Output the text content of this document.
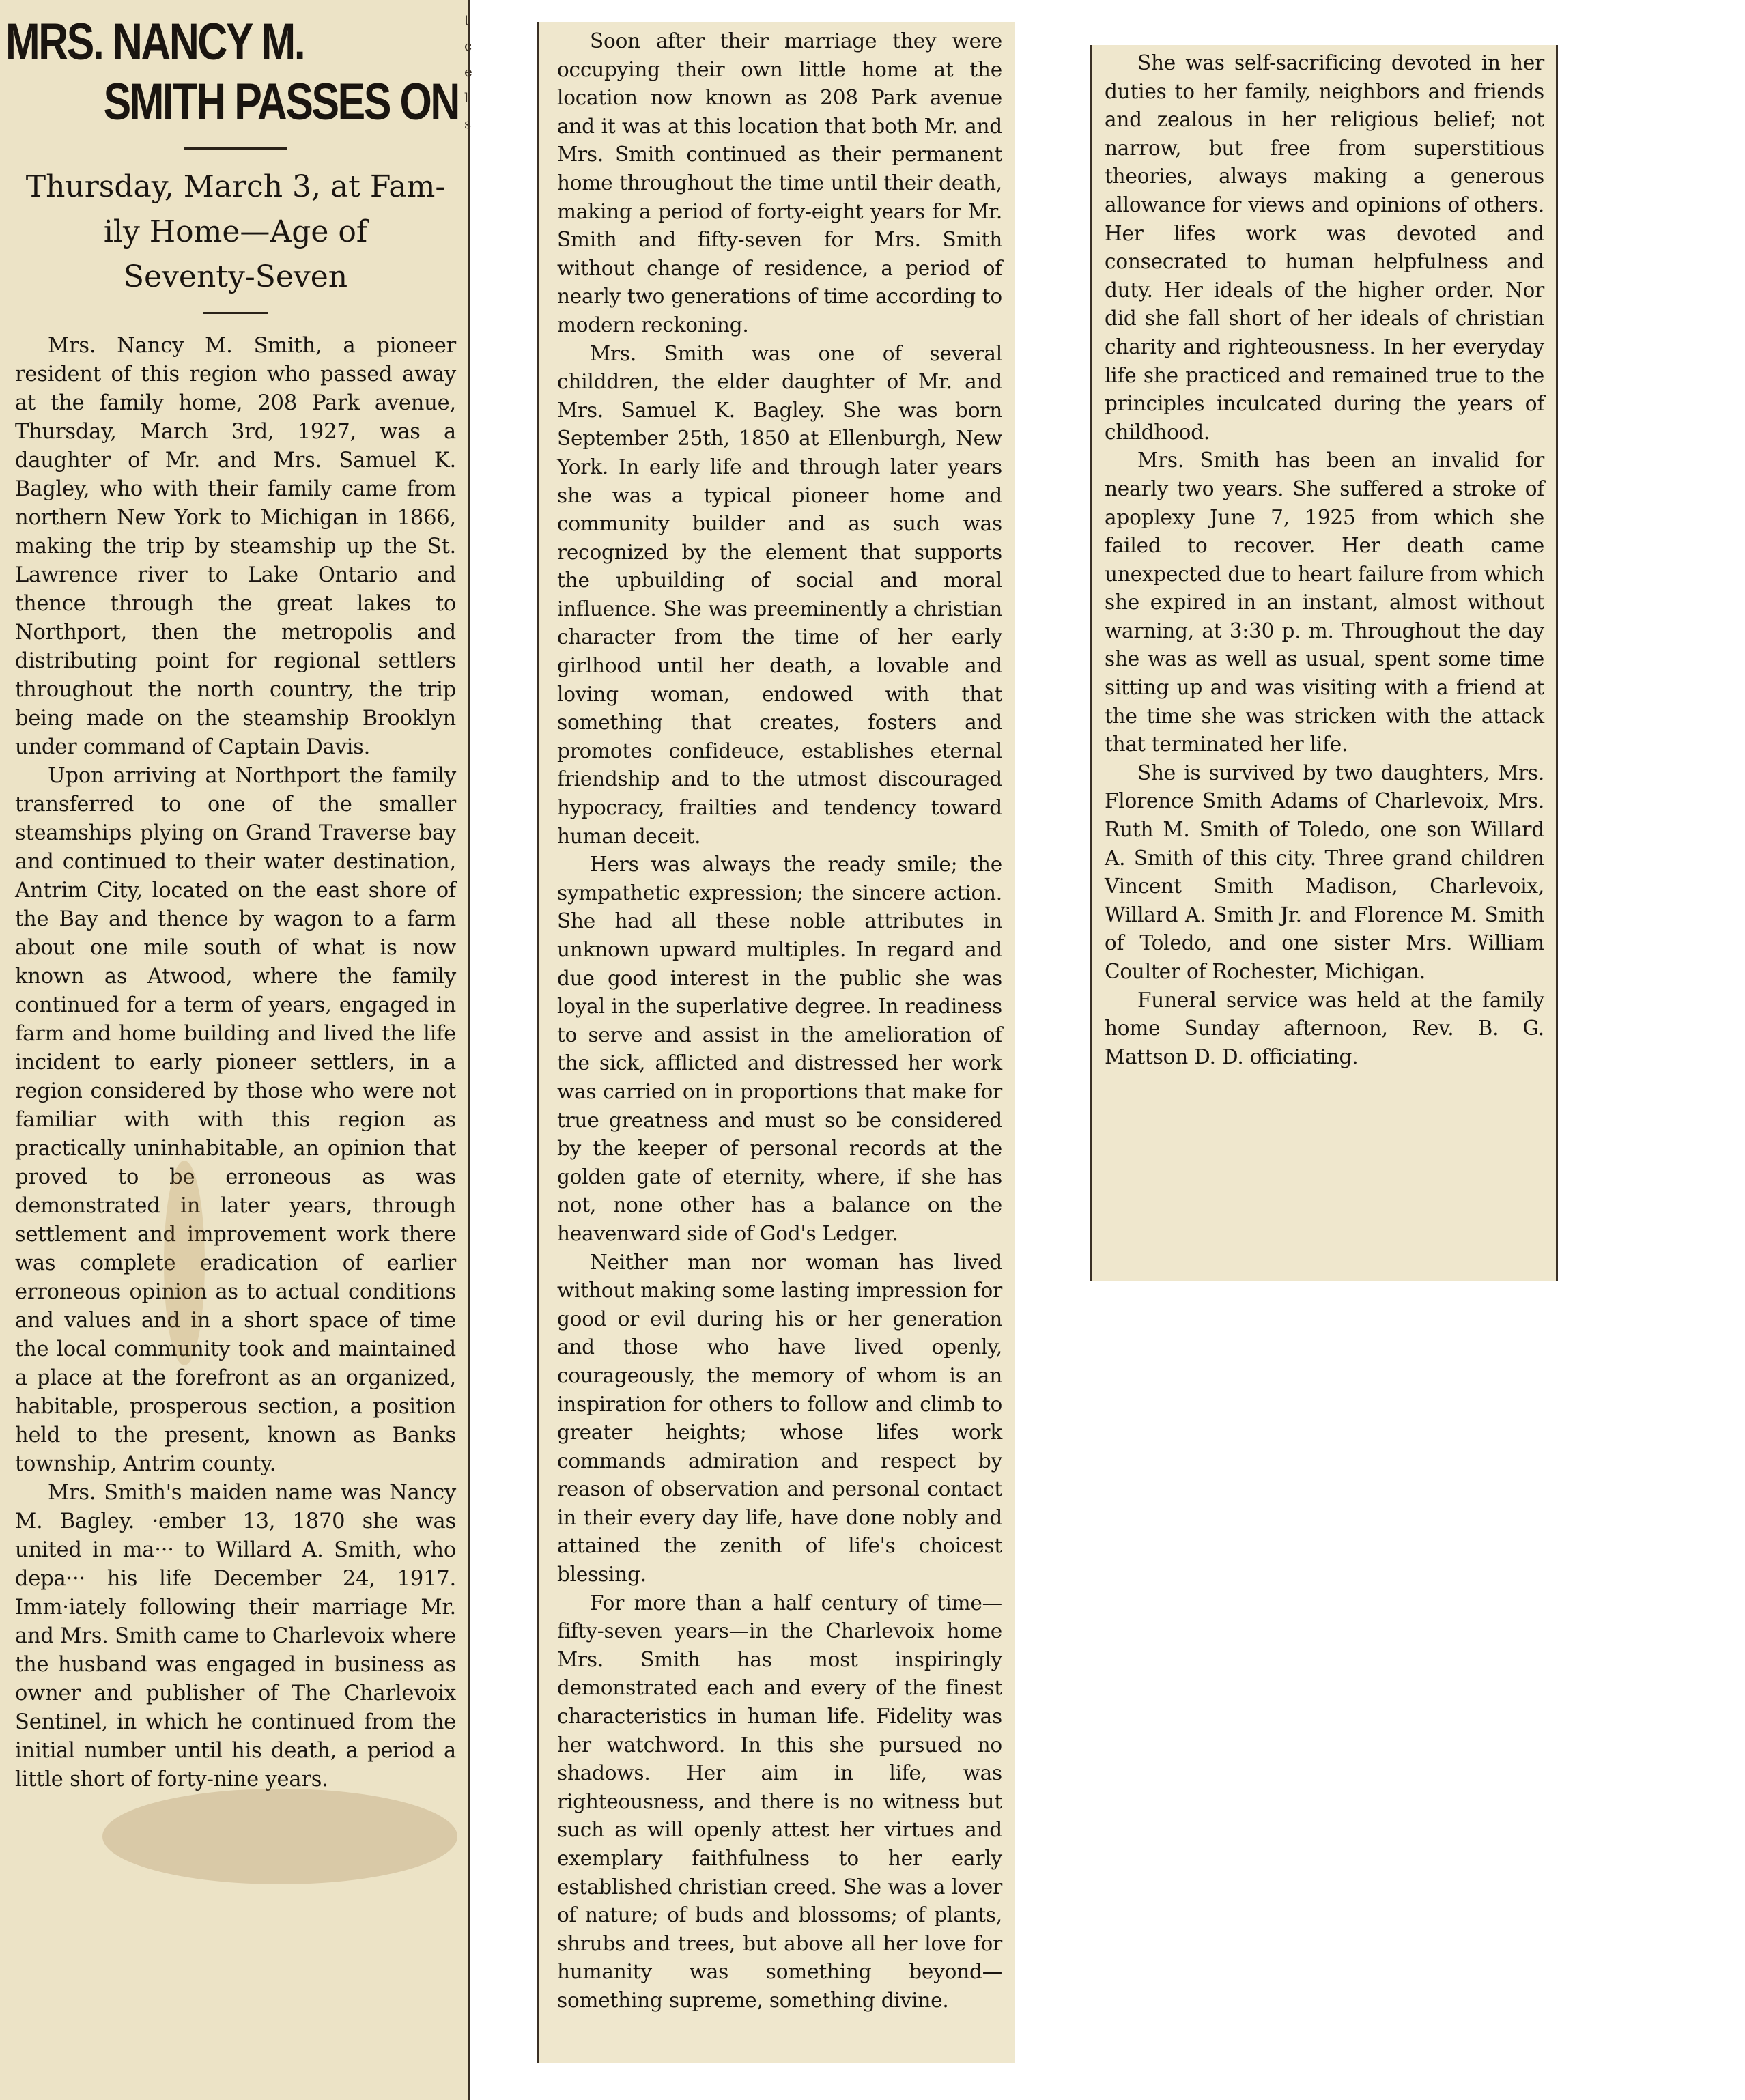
MRS. NANCY M.
SMITH PASSES ON
Thursday, March 3, at Fam-
ily Home—Age of
Seventy-Seven

Mrs. Nancy M. Smith, a pioneer resident of this region who passed away at the family home, 208 Park avenue, Thursday, March 3rd, 1927, was a daughter of Mr. and Mrs. Samuel K. Bagley, who with their family came from northern New York to Michigan in 1866, making the trip by steamship up the St. Lawrence river to Lake Ontario and thence through the great lakes to Northport, then the metropolis and distributing point for regional settlers throughout the north country, the trip being made on the steamship Brooklyn under command of Captain Davis.

Upon arriving at Northport the family transferred to one of the smaller steamships plying on Grand Traverse bay and continued to their water destination, Antrim City, located on the east shore of the Bay and thence by wagon to a farm about one mile south of what is now known as Atwood, where the family continued for a term of years, engaged in farm and home building and lived the life incident to early pioneer settlers, in a region considered by those who were not familiar with with this region as practically uninhabitable, an opinion that proved to be erroneous as was demonstrated in later years, through settlement and improvement work there was complete eradication of earlier erroneous opinion as to actual conditions and values and in a short space of time the local community took and maintained a place at the forefront as an organized, habitable, prosperous section, a position held to the present, known as Banks township, Antrim county.

Mrs. Smith's maiden name was Nancy M. Bagley. ·ember 13, 1870 she was united in ma··· to Willard A. Smith, who depa··· his life December 24, 1917. Imm·iately following their marriage Mr. and Mrs. Smith came to Charlevoix where the husband was engaged in business as owner and publisher of The Charlevoix Sentinel, in which he continued from the initial number until his death, a period a little short of forty-nine years.

t c e l s

Soon after their marriage they were occupying their own little home at the location now known as 208 Park avenue and it was at this location that both Mr. and Mrs. Smith continued as their permanent home throughout the time until their death, making a period of forty-eight years for Mr. Smith and fifty-seven for Mrs. Smith without change of residence, a period of nearly two generations of time according to modern reckoning.

Mrs. Smith was one of several childdren, the elder daughter of Mr. and Mrs. Samuel K. Bagley. She was born September 25th, 1850 at Ellenburgh, New York. In early life and through later years she was a typical pioneer home and community builder and as such was recognized by the element that supports the upbuilding of social and moral influence. She was preeminently a christian character from the time of her early girlhood until her death, a lovable and loving woman, endowed with that something that creates, fosters and promotes confideuce, establishes eternal friendship and to the utmost discouraged hypocracy, frailties and tendency toward human deceit.

Hers was always the ready smile; the sympathetic expression; the sincere action. She had all these noble attributes in unknown upward multiples. In regard and due good interest in the public she was loyal in the superlative degree. In readiness to serve and assist in the amelioration of the sick, afflicted and distressed her work was carried on in proportions that make for true greatness and must so be considered by the keeper of personal records at the golden gate of eternity, where, if she has not, none other has a balance on the heavenward side of God's Ledger.

Neither man nor woman has lived without making some lasting impression for good or evil during his or her generation and those who have lived openly, courageously, the memory of whom is an inspiration for others to follow and climb to greater heights; whose lifes work commands admiration and respect by reason of observation and personal contact in their every day life, have done nobly and attained the zenith of life's choicest blessing.

For more than a half century of time—fifty-seven years—in the Charlevoix home Mrs. Smith has most inspiringly demonstrated each and every of the finest characteristics in human life. Fidelity was her watchword. In this she pursued no shadows. Her aim in life, was righteousness, and there is no witness but such as will openly attest her virtues and exemplary faithfulness to her early established christian creed. She was a lover of nature; of buds and blossoms; of plants, shrubs and trees, but above all her love for humanity was something beyond—something supreme, something divine.

She was self-sacrificing devoted in her duties to her family, neighbors and friends and zealous in her religious belief; not narrow, but free from superstitious theories, always making a generous allowance for views and opinions of others. Her lifes work was devoted and consecrated to human helpfulness and duty. Her ideals of the higher order. Nor did she fall short of her ideals of christian charity and righteousness. In her everyday life she practiced and remained true to the principles inculcated during the years of childhood.

Mrs. Smith has been an invalid for nearly two years. She suffered a stroke of apoplexy June 7, 1925 from which she failed to recover. Her death came unexpected due to heart failure from which she expired in an instant, almost without warning, at 3:30 p. m. Throughout the day she was as well as usual, spent some time sitting up and was visiting with a friend at the time she was stricken with the attack that terminated her life.

She is survived by two daughters, Mrs. Florence Smith Adams of Charlevoix, Mrs. Ruth M. Smith of Toledo, one son Willard A. Smith of this city. Three grand children Vincent Smith Madison, Charlevoix, Willard A. Smith Jr. and Florence M. Smith of Toledo, and one sister Mrs. William Coulter of Rochester, Michigan.

Funeral service was held at the family home Sunday afternoon, Rev. B. G. Mattson D. D. officiating.
